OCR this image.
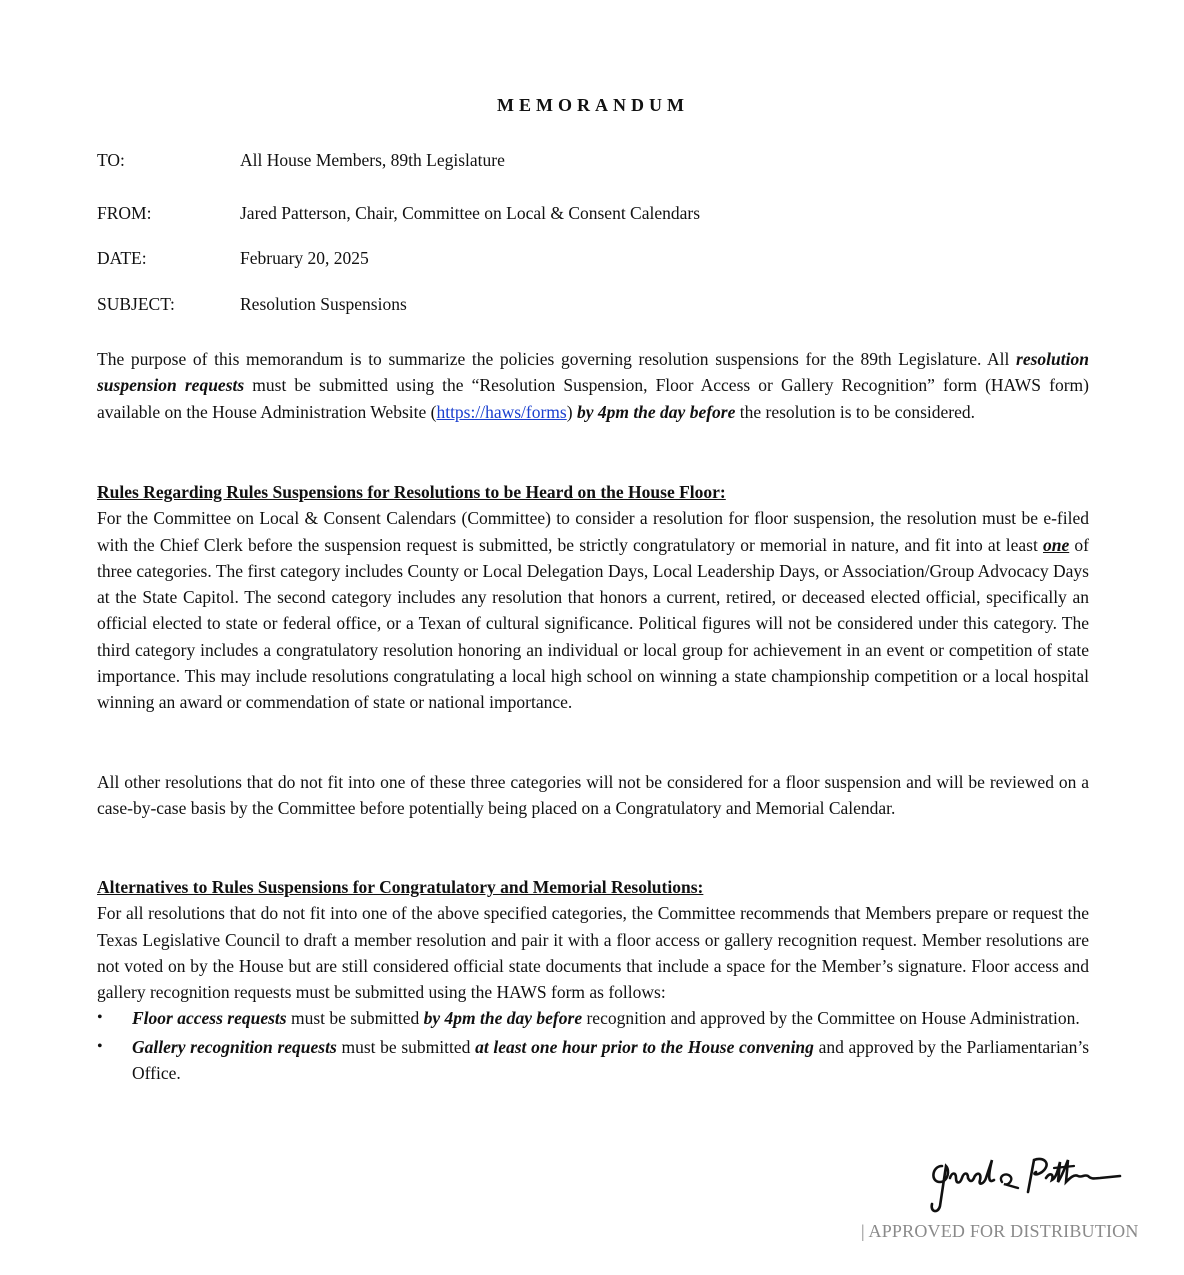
MEMORANDUM
TO:	All House Members, 89th Legislature
FROM:	Jared Patterson, Chair, Committee on Local & Consent Calendars
DATE:	February 20, 2025
SUBJECT:	Resolution Suspensions

The purpose of this memorandum is to summarize the policies governing resolution suspensions for the 89th Legislature. All resolution suspension requests must be submitted using the “Resolution Suspension, Floor Access or Gallery Recognition” form (HAWS form) available on the House Administration Website (https://haws/forms) by 4pm the day before the resolution is to be considered.

Rules Regarding Rules Suspensions for Resolutions to be Heard on the House Floor:
For the Committee on Local & Consent Calendars (Committee) to consider a resolution for floor suspension, the resolution must be e-filed with the Chief Clerk before the suspension request is submitted, be strictly congratulatory or memorial in nature, and fit into at least one of three categories. The first category includes County or Local Delegation Days, Local Leadership Days, or Association/Group Advocacy Days at the State Capitol. The second category includes any resolution that honors a current, retired, or deceased elected official, specifically an official elected to state or federal office, or a Texan of cultural significance. Political figures will not be considered under this category. The third category includes a congratulatory resolution honoring an individual or local group for achievement in an event or competition of state importance. This may include resolutions congratulating a local high school on winning a state championship competition or a local hospital winning an award or commendation of state or national importance.

All other resolutions that do not fit into one of these three categories will not be considered for a floor suspension and will be reviewed on a case-by-case basis by the Committee before potentially being placed on a Congratulatory and Memorial Calendar.

Alternatives to Rules Suspensions for Congratulatory and Memorial Resolutions:
For all resolutions that do not fit into one of the above specified categories, the Committee recommends that Members prepare or request the Texas Legislative Council to draft a member resolution and pair it with a floor access or gallery recognition request. Member resolutions are not voted on by the House but are still considered official state documents that include a space for the Member’s signature. Floor access and gallery recognition requests must be submitted using the HAWS form as follows:

• Floor access requests must be submitted by 4pm the day before recognition and approved by the Committee on House Administration.
• Gallery recognition requests must be submitted at least one hour prior to the House convening and approved by the Parliamentarian’s Office.
| APPROVED FOR DISTRIBUTION
